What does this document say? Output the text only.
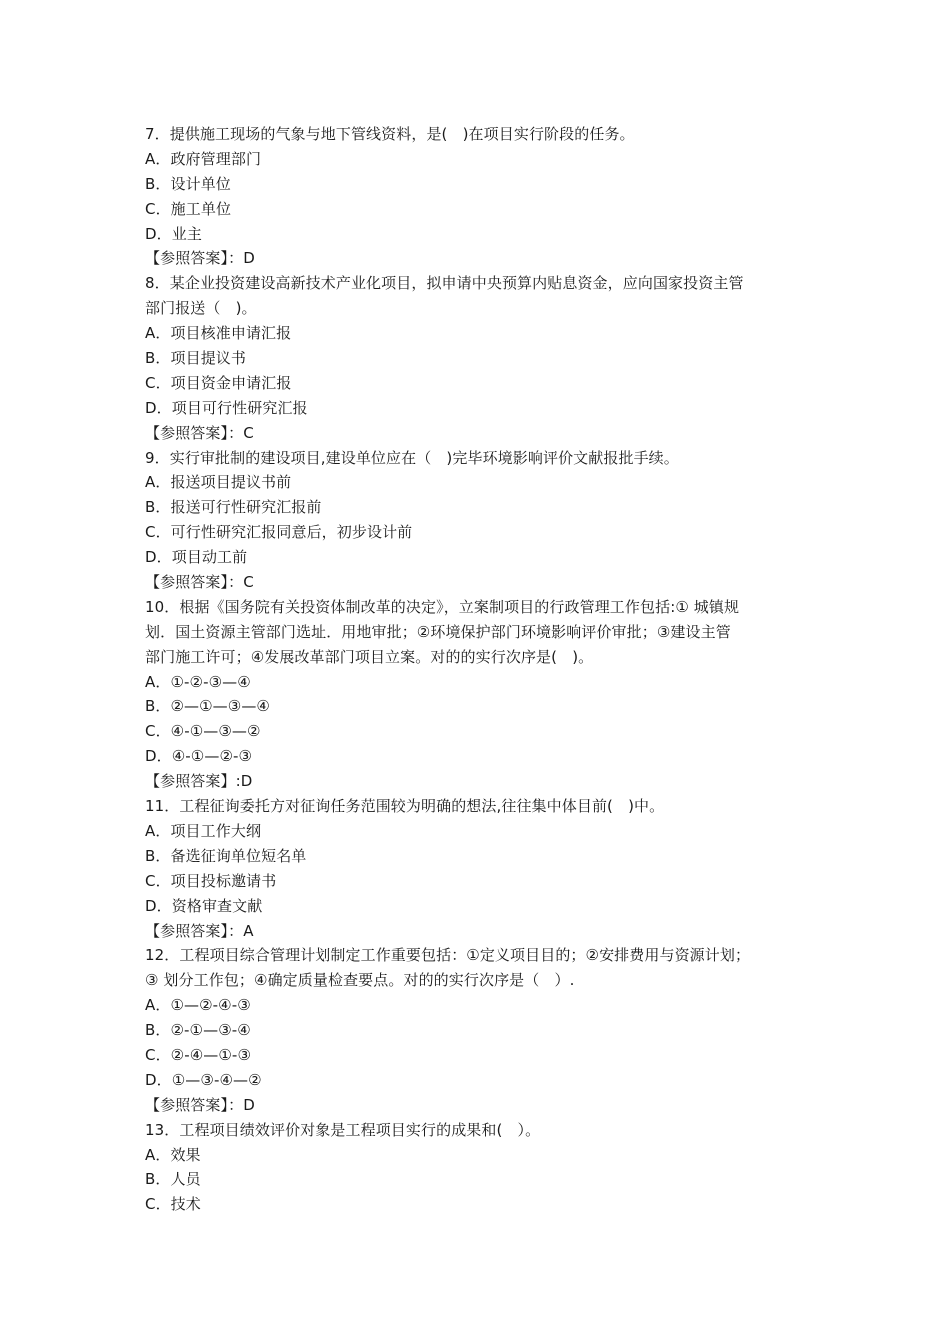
7．提供施工现场的气象与地下管线资料，是(　)在项目实行阶段的任务。
A．政府管理部门
B．设计单位
C．施工单位
D．业主
【参照答案】：D
8．某企业投资建设高新技术产业化项目，拟申请中央预算内贴息资金，应向国家投资主管
部门报送（　)。
A．项目核准申请汇报
B．项目提议书
C．项目资金申请汇报
D．项目可行性研究汇报
【参照答案】：C
9．实行审批制的建设项目,建设单位应在（　)完毕环境影响评价文献报批手续。
A．报送项目提议书前
B．报送可行性研究汇报前
C．可行性研究汇报同意后，初步设计前
D．项目动工前
【参照答案】：C
10．根据《国务院有关投资体制改革的决定》，立案制项目的行政管理工作包括:① 城镇规
划．国土资源主管部门选址．用地审批；②环境保护部门环境影响评价审批；③建设主管
部门施工许可；④发展改革部门项目立案。对的的实行次序是(　)。
A．①-②-③—④
B．②—①—③—④
C．④-①—③—②
D．④-①—②-③
【参照答案】:D
11．工程征询委托方对征询任务范围较为明确的想法,往往集中体目前(　)中。
A．项目工作大纲
B．备选征询单位短名单
C．项目投标邀请书
D．资格审查文献
【参照答案】：A
12．工程项目综合管理计划制定工作重要包括：①定义项目目的；②安排费用与资源计划；
③ 划分工作包；④确定质量检查要点。对的的实行次序是（　）.
A．①—②-④-③
B．②-①—③-④
C．②-④—①-③
D．①—③-④—②
【参照答案】：D
13．工程项目绩效评价对象是工程项目实行的成果和(　）。
A．效果
B．人员
C．技术
